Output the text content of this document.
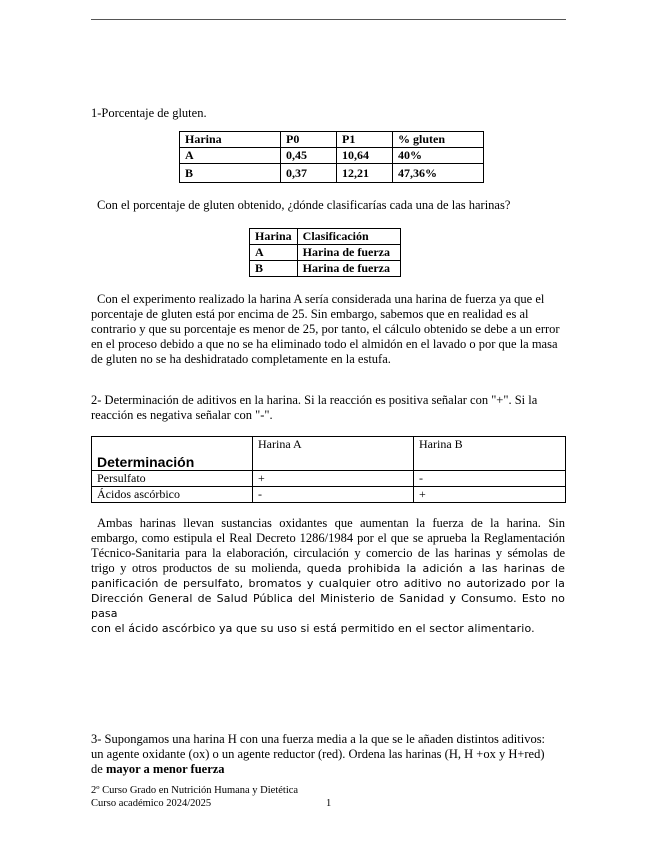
1-Porcentaje de gluten.
Harina	P0	P1	% gluten
A	0,45	10,64	40%
B	0,37	12,21	47,36%
Con el porcentaje de gluten obtenido, ¿dónde clasificarías cada una de las harinas?
Harina	Clasificación
A	Harina de fuerza
B	Harina de fuerza
Con el experimento realizado la harina A sería considerada una harina de fuerza ya que el
porcentaje de gluten está por encima de 25. Sin embargo, sabemos que en realidad es al
contrario y que su porcentaje es menor de 25, por tanto, el cálculo obtenido se debe a un error
en el proceso debido a que no se ha eliminado todo el almidón en el lavado o por que la masa
de gluten no se ha deshidratado completamente en la estufa.
2- Determinación de aditivos en la harina. Si la reacción es positiva señalar con "+". Si la
reacción es negativa señalar con "-".
Determinación	Harina A	Harina B
Persulfato	+	-
Ácidos ascórbico	-	+
Ambas harinas llevan sustancias oxidantes que aumentan la fuerza de la harina. Sin
embargo, como estipula el Real Decreto 1286/1984 por el que se aprueba la Reglamentación
Técnico-Sanitaria para la elaboración, circulación y comercio de las harinas y sémolas de
trigo y otros productos de su molienda, queda prohibida la adición a las harinas de
panificación de persulfato, bromatos y cualquier otro aditivo no autorizado por la
Dirección General de Salud Pública del Ministerio de Sanidad y Consumo. Esto no pasa
con el ácido ascórbico ya que su uso si está permitido en el sector alimentario.
3- Supongamos una harina H con una fuerza media a la que se le añaden distintos aditivos:
un agente oxidante (ox) o un agente reductor (red). Ordena las harinas (H, H +ox y H+red)
de mayor a menor fuerza
2º Curso Grado en Nutrición Humana y Dietética
Curso académico 2024/2025	1
